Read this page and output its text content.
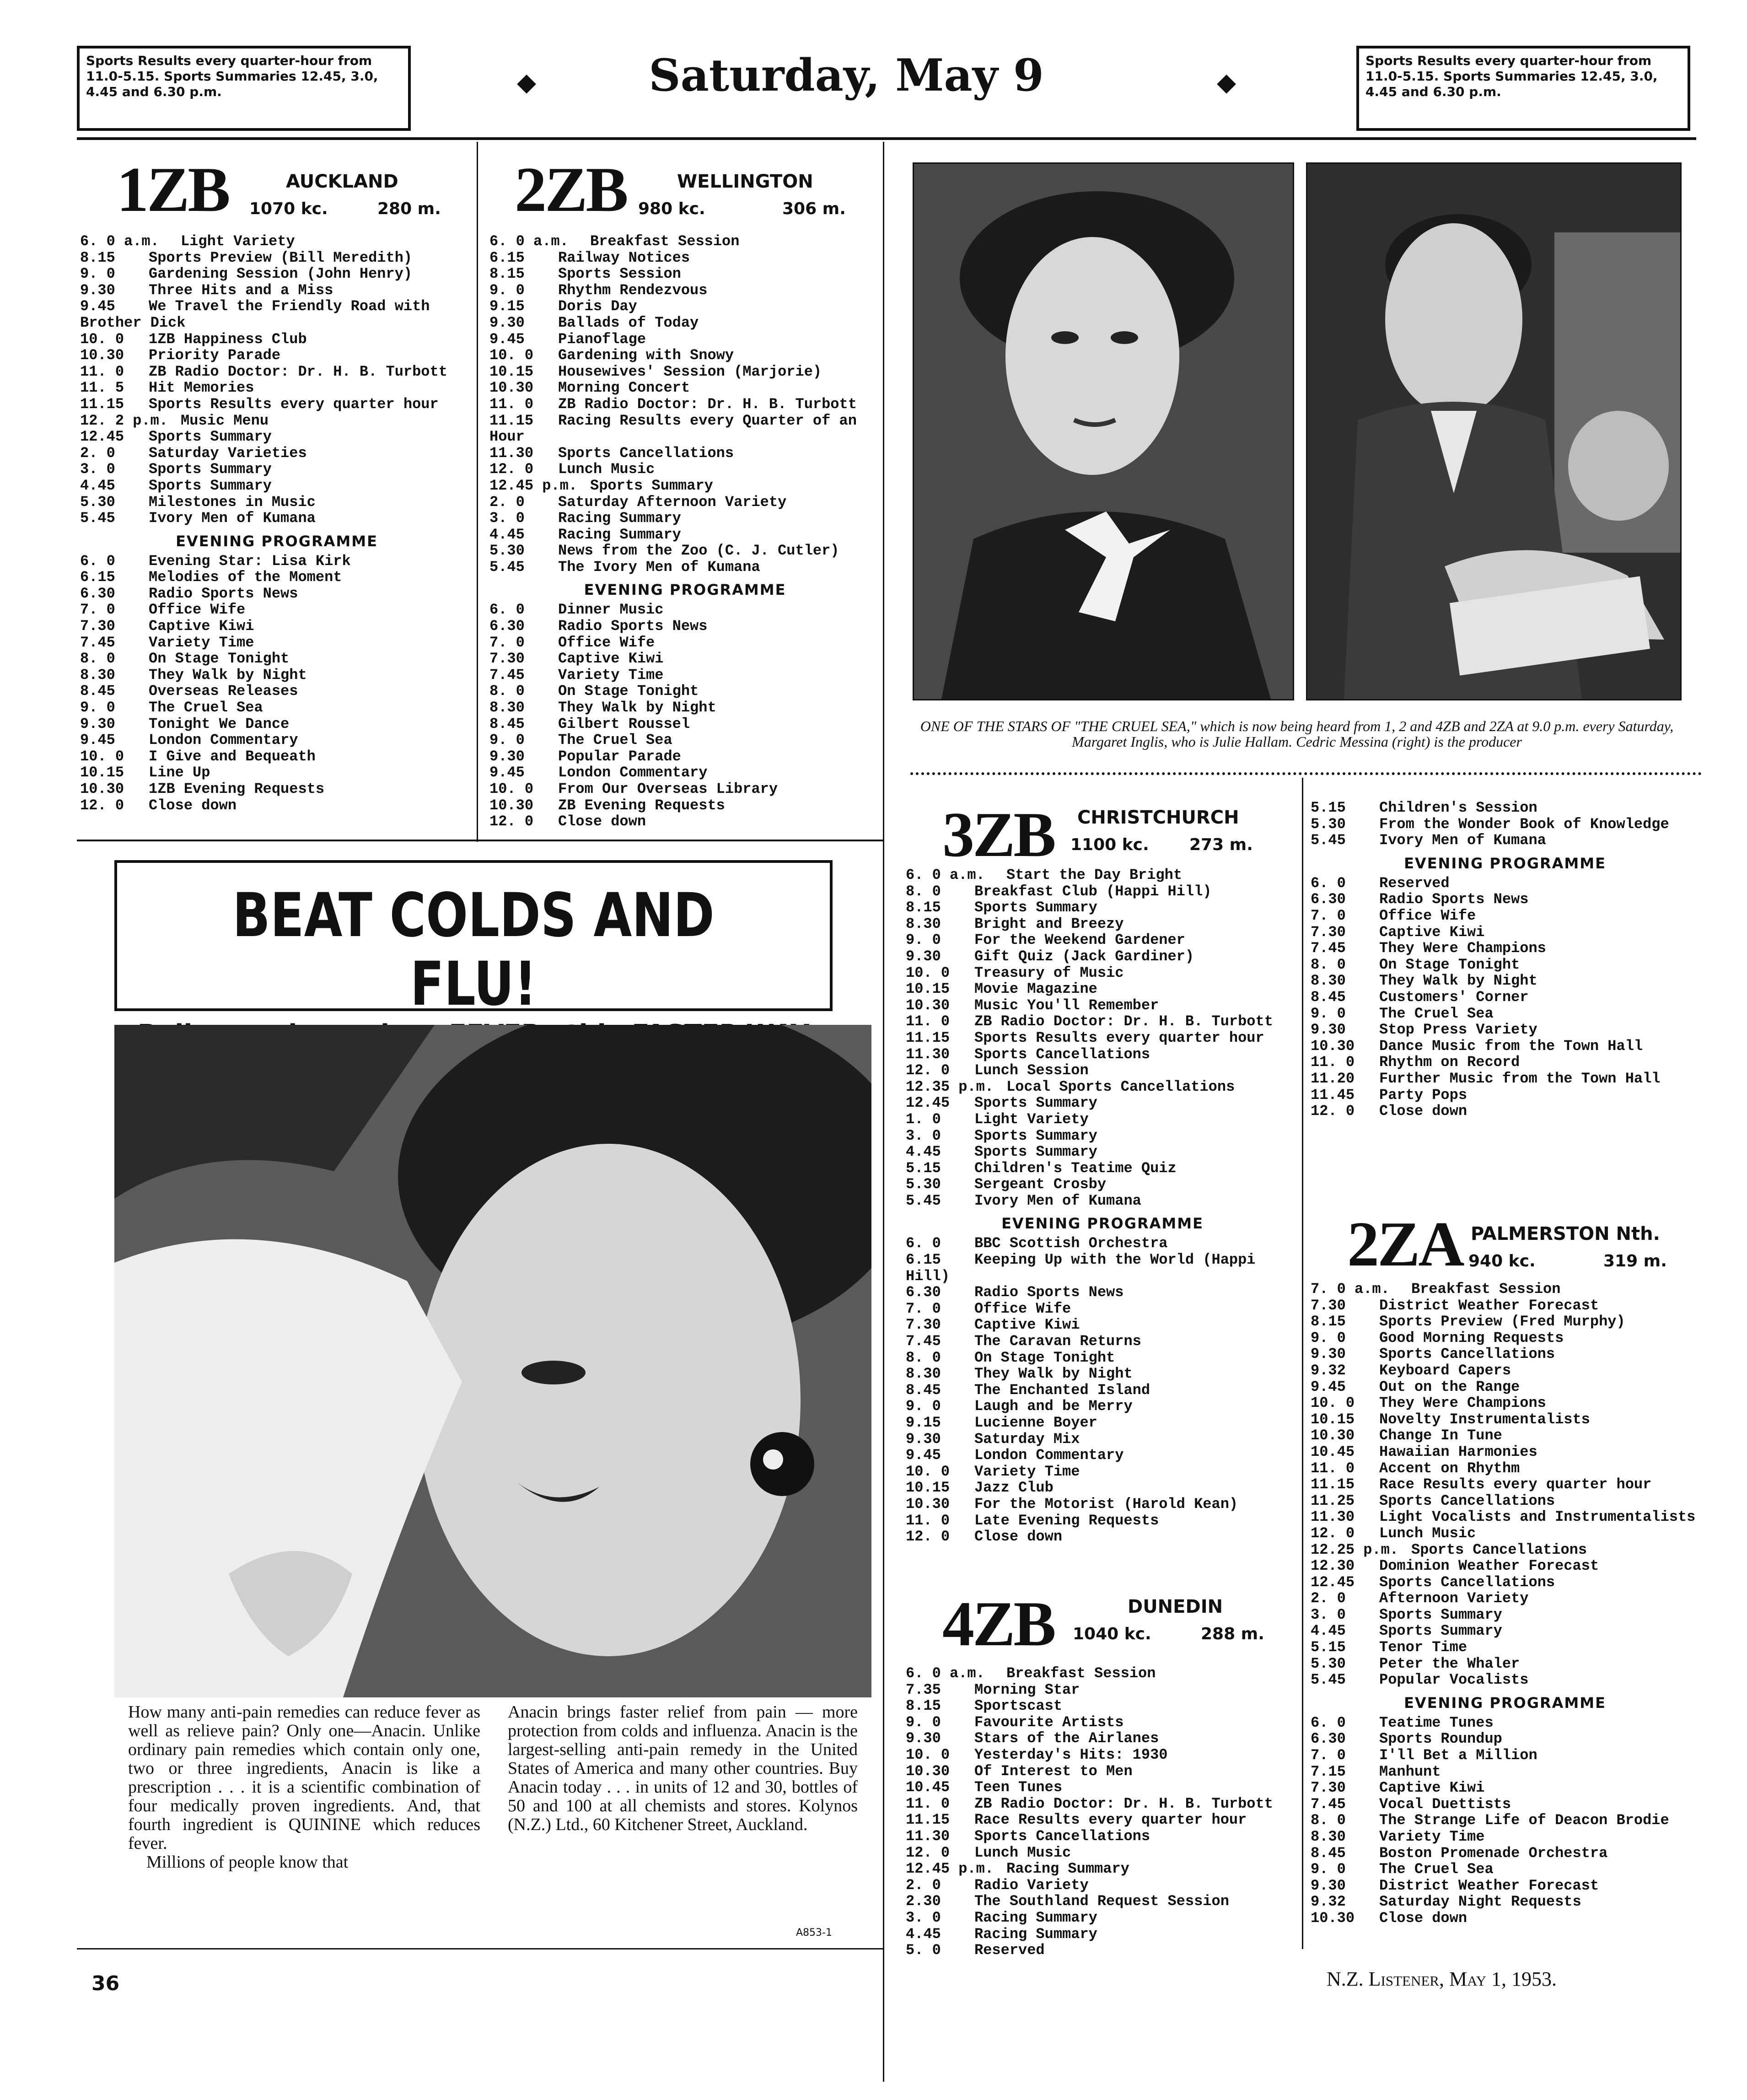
Sports Results every quarter-hour from 11.0-5.15. Sports Summaries 12.45, 3.0, 4.45 and 6.30 p.m.	◆	Saturday, May 9	◆
Sports Results every quarter-hour from 11.0-5.15. Sports Summaries 12.45, 3.0, 4.45 and 6.30 p.m.
1ZB	AUCKLAND
1070 kc.	280 m.
6. 0 a.m. Light Variety
8.15 Sports Preview (Bill Meredith)
9. 0 Gardening Session (John Henry)
9.30 Three Hits and a Miss
9.45 We Travel the Friendly Road with Brother Dick
10. 0 1ZB Happiness Club
10.30 Priority Parade
11. 0 ZB Radio Doctor: Dr. H. B. Turbott
11. 5 Hit Memories
11.15 Sports Results every quarter hour
12. 2 p.m. Music Menu
12.45 Sports Summary
2. 0 Saturday Varieties
3. 0 Sports Summary
4.45 Sports Summary
5.30 Milestones in Music
5.45 Ivory Men of Kumana
EVENING PROGRAMME
6. 0 Evening Star: Lisa Kirk
6.15 Melodies of the Moment
6.30 Radio Sports News
7. 0 Office Wife
7.30 Captive Kiwi
7.45 Variety Time
8. 0 On Stage Tonight
8.30 They Walk by Night
8.45 Overseas Releases
9. 0 The Cruel Sea
9.30 Tonight We Dance
9.45 London Commentary
10. 0 I Give and Bequeath
10.15 Line Up
10.30 1ZB Evening Requests
12. 0 Close down
2ZB	WELLINGTON
980 kc.	306 m.
6. 0 a.m. Breakfast Session
6.15 Railway Notices
8.15 Sports Session
9. 0 Rhythm Rendezvous
9.15 Doris Day
9.30 Ballads of Today
9.45 Pianoflage
10. 0 Gardening with Snowy
10.15 Housewives' Session (Marjorie)
10.30 Morning Concert
11. 0 ZB Radio Doctor: Dr. H. B. Turbott
11.15 Racing Results every Quarter of an Hour
11.30 Sports Cancellations
12. 0 Lunch Music
12.45 p.m. Sports Summary
2. 0 Saturday Afternoon Variety
3. 0 Racing Summary
4.45 Racing Summary
5.30 News from the Zoo (C. J. Cutler)
5.45 The Ivory Men of Kumana
EVENING PROGRAMME
6. 0 Dinner Music
6.30 Radio Sports News
7. 0 Office Wife
7.30 Captive Kiwi
7.45 Variety Time
8. 0 On Stage Tonight
8.30 They Walk by Night
8.45 Gilbert Roussel
9. 0 The Cruel Sea
9.30 Popular Parade
9.45 London Commentary
10. 0 From Our Overseas Library
10.30 ZB Evening Requests
12. 0 Close down
ONE OF THE STARS OF "THE CRUEL SEA," which is now being heard from 1, 2 and 4ZB and 2ZA at 9.0 p.m. every Saturday, Margaret Inglis, who is Julie Hallam. Cedric Messina (right) is the producer
3ZB CHRISTCHURCH
1100 kc. 273 m.
6. 0 a.m. Start the Day Bright
8. 0 Breakfast Club (Happi Hill)
8.15 Sports Summary
8.30 Bright and Breezy
9. 0 For the Weekend Gardener
9.30 Gift Quiz (Jack Gardiner)
10. 0 Treasury of Music
10.15 Movie Magazine
10.30 Music You'll Remember
11. 0 ZB Radio Doctor: Dr. H. B. Turbott
11.15 Sports Results every quarter hour
11.30 Sports Cancellations
12. 0 Lunch Session
12.35 p.m. Local Sports Cancellations
12.45 Sports Summary
1. 0 Light Variety
3. 0 Sports Summary
4.45 Sports Summary
5.15 Children's Teatime Quiz
5.30 Sergeant Crosby
5.45 Ivory Men of Kumana
EVENING PROGRAMME
6. 0 BBC Scottish Orchestra
6.15 Keeping Up with the World (Happi Hill)
6.30 Radio Sports News
7. 0 Office Wife
7.30 Captive Kiwi
7.45 The Caravan Returns
8. 0 On Stage Tonight
8.30 They Walk by Night
8.45 The Enchanted Island
9. 0 Laugh and be Merry
9.15 Lucienne Boyer
9.30 Saturday Mix
9.45 London Commentary
10. 0 Variety Time
10.15 Jazz Club
10.30 For the Motorist (Harold Kean)
11. 0 Late Evening Requests
12. 0 Close down
4ZB	DUNEDIN
1040 kc.	288 m.
6. 0 a.m. Breakfast Session
7.35 Morning Star
8.15 Sportscast
9. 0 Favourite Artists
9.30 Stars of the Airlanes
10. 0 Yesterday's Hits: 1930
10.30 Of Interest to Men
10.45 Teen Tunes
11. 0 ZB Radio Doctor: Dr. H. B. Turbott
11.15 Race Results every quarter hour
11.30 Sports Cancellations
12. 0 Lunch Music
12.45 p.m. Racing Summary
2. 0 Radio Variety
2.30 The Southland Request Session
3. 0 Racing Summary
4.45 Racing Summary
5. 0 Reserved
5.15 Children's Session
5.30 From the Wonder Book of Knowledge
5.45 Ivory Men of Kumana
EVENING PROGRAMME
6. 0 Reserved
6.30 Radio Sports News
7. 0 Office Wife
7.30 Captive Kiwi
7.45 They Were Champions
8. 0 On Stage Tonight
8.30 They Walk by Night
8.45 Customers' Corner
9. 0 The Cruel Sea
9.30 Stop Press Variety
10.30 Dance Music from the Town Hall
11. 0 Rhythm on Record
11.20 Further Music from the Town Hall
11.45 Party Pops
12. 0 Close down
2ZA PALMERSTON Nth.
940 kc.	319 m.
7. 0 a.m. Breakfast Session
7.30 District Weather Forecast
8.15 Sports Preview (Fred Murphy)
9. 0 Good Morning Requests
9.30 Sports Cancellations
9.32 Keyboard Capers
9.45 Out on the Range
10. 0 They Were Champions
10.15 Novelty Instrumentalists
10.30 Change In Tune
10.45 Hawaiian Harmonies
11. 0 Accent on Rhythm
11.15 Race Results every quarter hour
11.25 Sports Cancellations
11.30 Light Vocalists and Instrumentalists
12. 0 Lunch Music
12.25 p.m. Sports Cancellations
12.30 Dominion Weather Forecast
12.45 Sports Cancellations
2. 0 Afternoon Variety
3. 0 Sports Summary
4.45 Sports Summary
5.15 Tenor Time
5.30 Peter the Whaler
5.45 Popular Vocalists
EVENING PROGRAMME
6. 0 Teatime Tunes
6.30 Sports Roundup
7. 0 I'll Bet a Million
7.15 Manhunt
7.30 Captive Kiwi
7.45 Vocal Duettists
8. 0 The Strange Life of Deacon Brodie
8.30 Variety Time
8.45 Boston Promenade Orchestra
9. 0 The Cruel Sea
9.30 District Weather Forecast
9.32 Saturday Night Requests
10.30 Close down
BEAT COLDS AND FLU!
How many anti-pain remedies can reduce fever as well as relieve pain? Only one—Anacin. Unlike ordinary pain remedies which contain only one, two or three ingredients, Anacin is like a prescription . . . it is a scientific combination of four medically proven ingredients. And, that fourth ingredient is QUININE which reduces fever.

Millions of people know that
Anacin brings faster relief from pain — more protection from colds and influenza. Anacin is the largest-selling anti-pain remedy in the United States of America and many other countries. Buy Anacin today . . . in units of 12 and 30, bottles of 50 and 100 at all chemists and stores. Kolynos (N.Z.) Ltd., 60 Kitchener Street, Auckland.
A853-1
36	N.Z. Listener, May 1, 1953.
